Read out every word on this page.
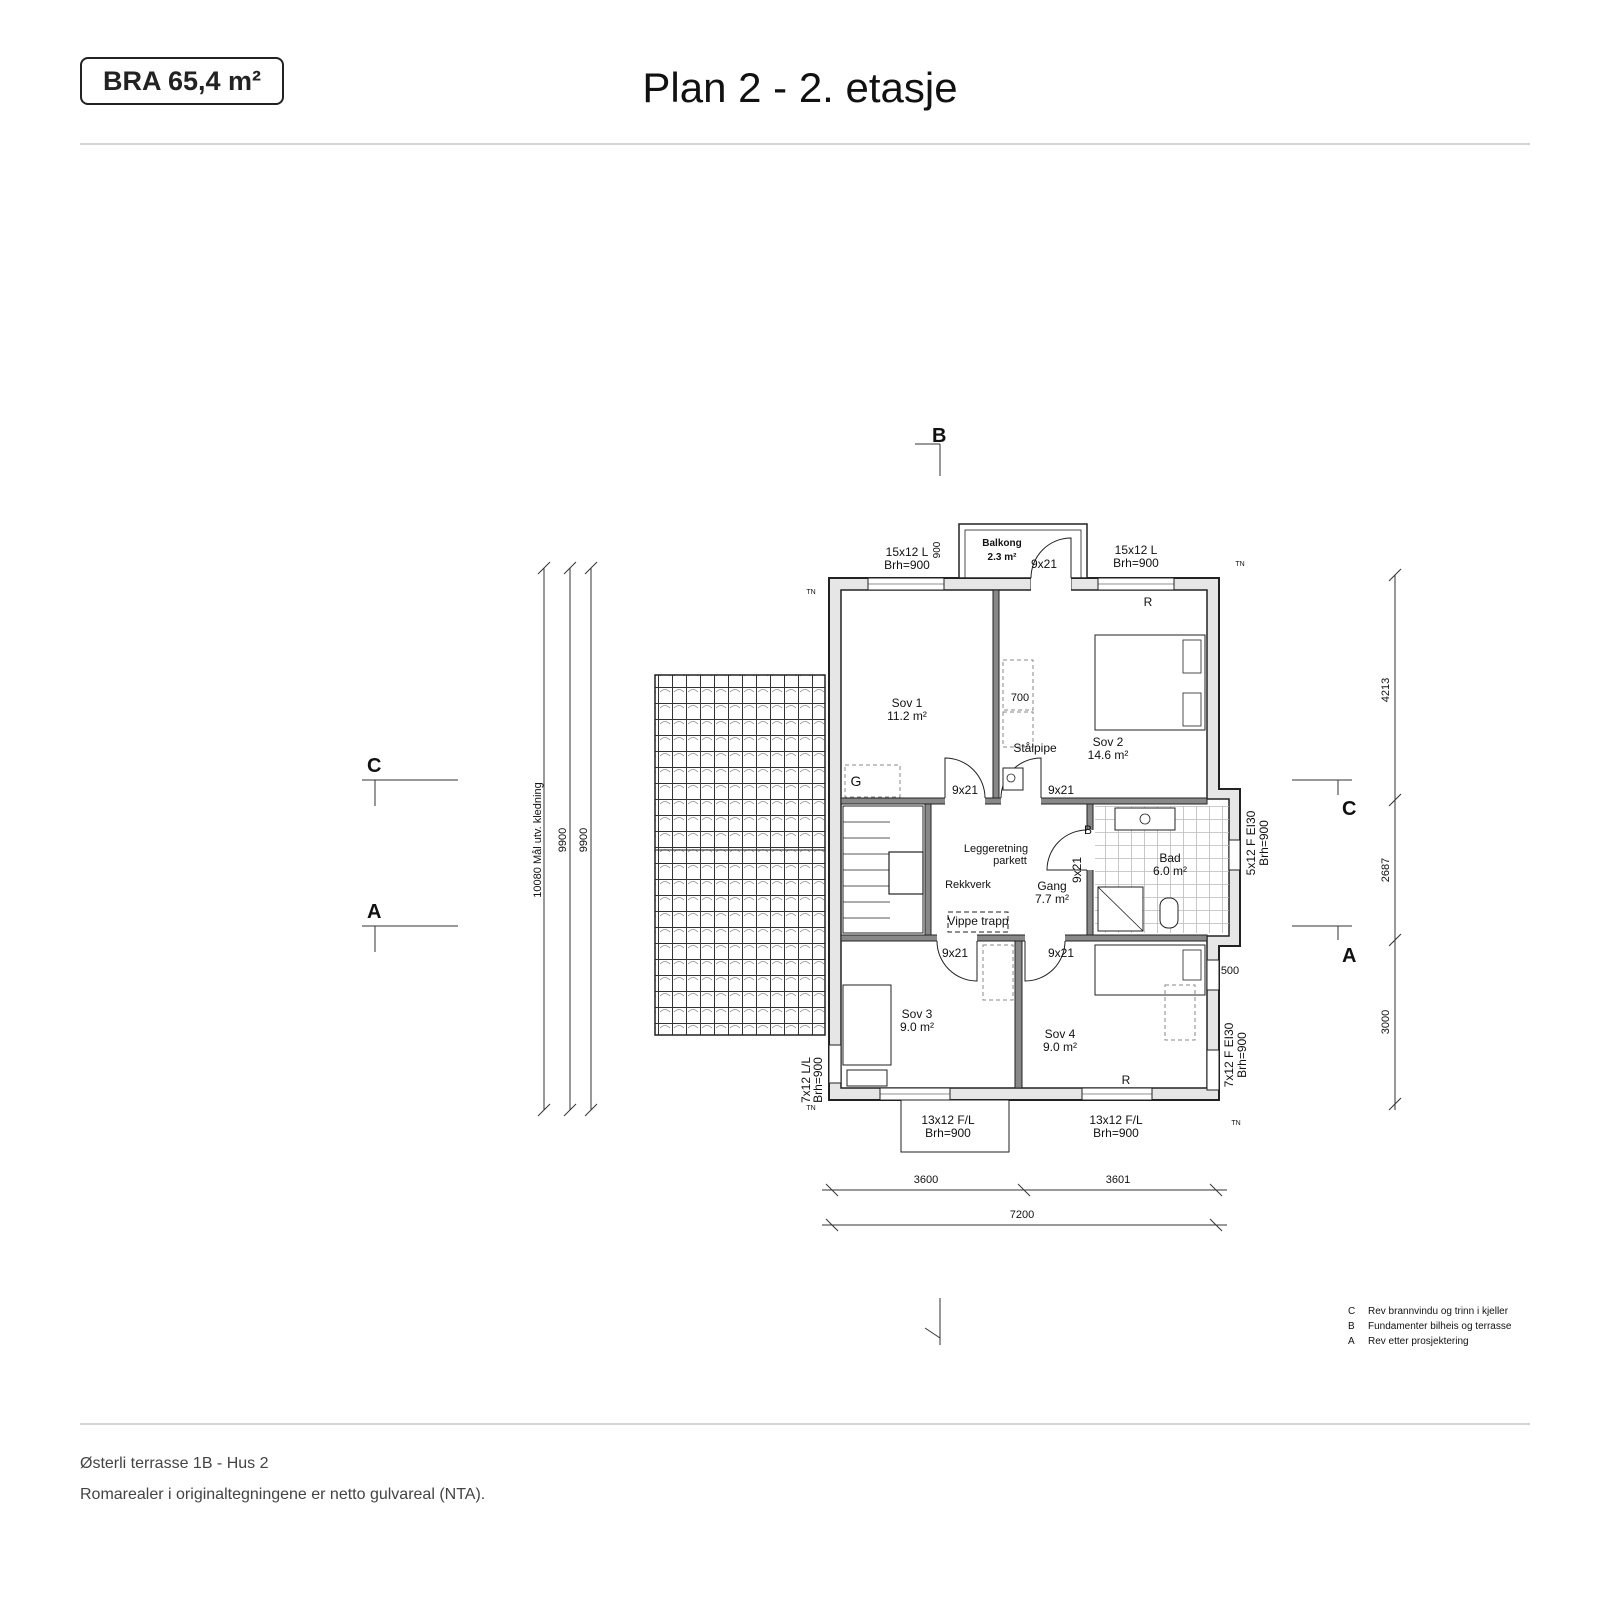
BRA 65,4 m²	Plan 2 - 2. etasje
Sov 1
11.2 m²
Sov 2
14.6 m²
Sov 3
9.0 m²	Sov 4
9.0 m²
Bad
6.0 m²
Gang
7.7 m²
Balkong
2.3 m²
15x12 L
Brh=900
15x12 L
Brh=900
13x12 F/L
Brh=900
13x12 F/L
Brh=900
9x21
9x21	9x21
9x21	9x21
Stålpipe
700
500
R
R
B
Leggeretning
parkett
Rekkverk
Vippe trapp
G
TN
TN
TN
TN
9x21	5x12 F EI30 Brh=900
7x12 F EI30 Brh=900
7x12 L/L
Brh=900
900
10080 Mål utv. kledning 9900 9900
4213
2687
3000
3600	3601
7200
C
A
C
A
B
C Rev brannvindu og trinn i kjeller
B Fundamenter bilheis og terrasse
A Rev etter prosjektering
Østerli terrasse 1B - Hus 2
Romarealer i originaltegningene er netto gulvareal (NTA).
